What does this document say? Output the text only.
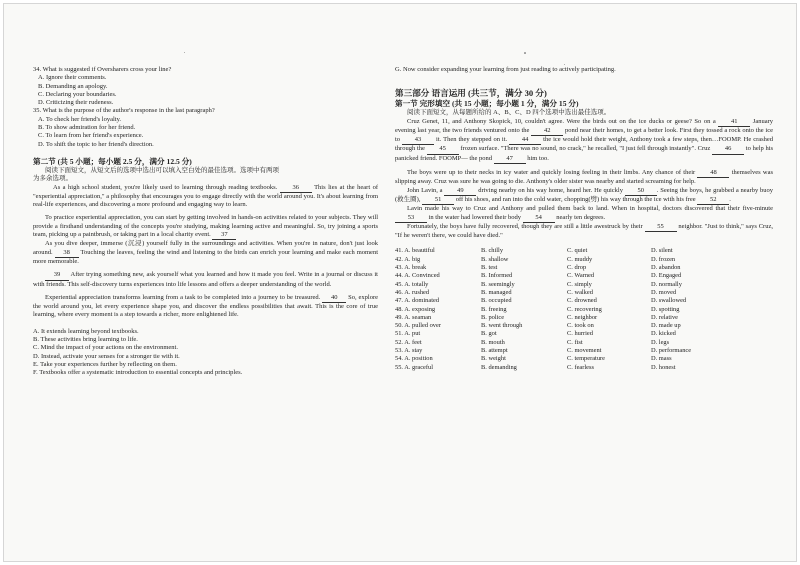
34. What is suggested if Oversharers cross your line?
A. Ignore their comments.
B. Demanding an apology.
C. Declaring your boundaries.
D. Criticizing their rudeness.
35. What is the purpose of the author's response in the last paragraph?
A. To check her friend's loyalty.
B. To show admiration for her friend.
C. To learn from her friend's experience.
D. To shift the topic to her friend's direction.
第二节 (共 5 小题；每小题 2.5 分，满分 12.5 分)
阅读下面短文，从短文后的选项中选出可以填入空白处的最佳选项。选项中有两项
为多余选项。
As a high school student, you're likely used to learning through reading textbooks. 36 This lies at the heart of "experiential appreciation," a philosophy that encourages you to engage directly with the world around you. It's about learning from real-life experiences, and discovering a more profound and engaging way to learn.
To practice experiential appreciation, you can start by getting involved in hands-on activities related to your subjects. They will provide a firsthand understanding of the concepts you're studying, making learning active and meaningful. So, try joining a sports team, picking up a paintbrush, or taking part in a local charity event. 37
As you dive deeper, immerse (沉浸) yourself fully in the surroundings and activities. When you're in nature, don't just look around. 38 Touching the leaves, feeling the wind and listening to the birds can enrich your learning and make each moment more memorable.
39 After trying something new, ask yourself what you learned and how it made you feel. Write in a journal or discuss it with friends. This self-discovery turns experiences into life lessons and offers a deeper understanding of the world.
Experiential appreciation transforms learning from a task to be completed into a journey to be treasured. 40 So, explore the world around you, let every experience shape you, and discover the endless possibilities that await. This is the core of true learning, where every moment is a step towards a richer, more enlightened life.
A. It extends learning beyond textbooks.
B. These activities bring learning to life.
C. Mind the impact of your actions on the environment.
D. Instead, activate your senses for a stronger tie with it.
E. Take your experiences further by reflecting on them.
F. Textbooks offer a systematic introduction to essential concepts and principles.
G. Now consider expanding your learning from just reading to actively participating.
第三部分 语言运用 (共三节，满分 30 分)
第一节 完形填空 (共 15 小题；每小题 1 分，满分 15 分)
阅读下面短文，从每题所给的 A、B、C、D 四个选项中选出最佳选项。
Cruz Genet, 11, and Anthony Skopick, 10, couldn't agree. Were the birds out on the ice ducks or geese? So on a 41 January evening last year, the two friends ventured onto the 42 pond near their homes, to get a better look. First they tossed a rock onto the ice to 43 it. Then they stepped on it. 44 the ice would hold their weight, Anthony took a few steps, then…FOOMP. He crashed through the 45 frozen surface. "There was no sound, no crack," he recalled, "I just fell through instantly". Cruz 46 to help his panicked friend. FOOMP— the pond 47 him too.
The boys were up to their necks in icy water and quickly losing feeling in their limbs. Any chance of their 48 themselves was slipping away. Cruz was sure he was going to die. Anthony's older sister was nearby and started screaming for help.
John Lavin, a 49 driving nearby on his way home, heard her. He quickly 50 . Seeing the boys, he grabbed a nearby buoy (救生圈), 51 off his shoes, and ran into the cold water, chopping(劈) his way through the ice with his free 52 .
Lavin made his way to Cruz and Anthony and pulled them back to land. When in hospital, doctors discovered that their five-minute 53 in the water had lowered their body 54 nearly ten degrees.
Fortunately, the boys have fully recovered, though they are still a little awestruck by their 55 neighbor. "Just to think," says Cruz, "If he weren't there, we could have died."
41. A. beautiful	B. chilly	C. quiet	D. silent
42. A. big	B. shallow	C. muddy	D. frozen
43. A. break	B. test	C. drop	D. abandon
44. A. Convinced	B. Informed	C. Warned	D. Engaged
45. A. totally	B. seemingly	C. simply	D. normally
46. A. rushed	B. managed	C. walked	D. moved
47. A. dominated	B. occupied	C. drowned	D. swallowed
48. A. exposing	B. freeing	C. recovering	D. spotting
49. A. seaman	B. police	C. neighbor	D. relative
50. A. pulled over	B. went through	C. took on	D. made up
51. A. put	B. got	C. hurried	D. kicked
52. A. feet	B. mouth	C. fist	D. legs
53. A. stay	B. attempt	C. movement	D. performance
54. A. position	B. weight	C. temperature	D. mass
55. A. graceful	B. demanding	C. fearless	D. honest
